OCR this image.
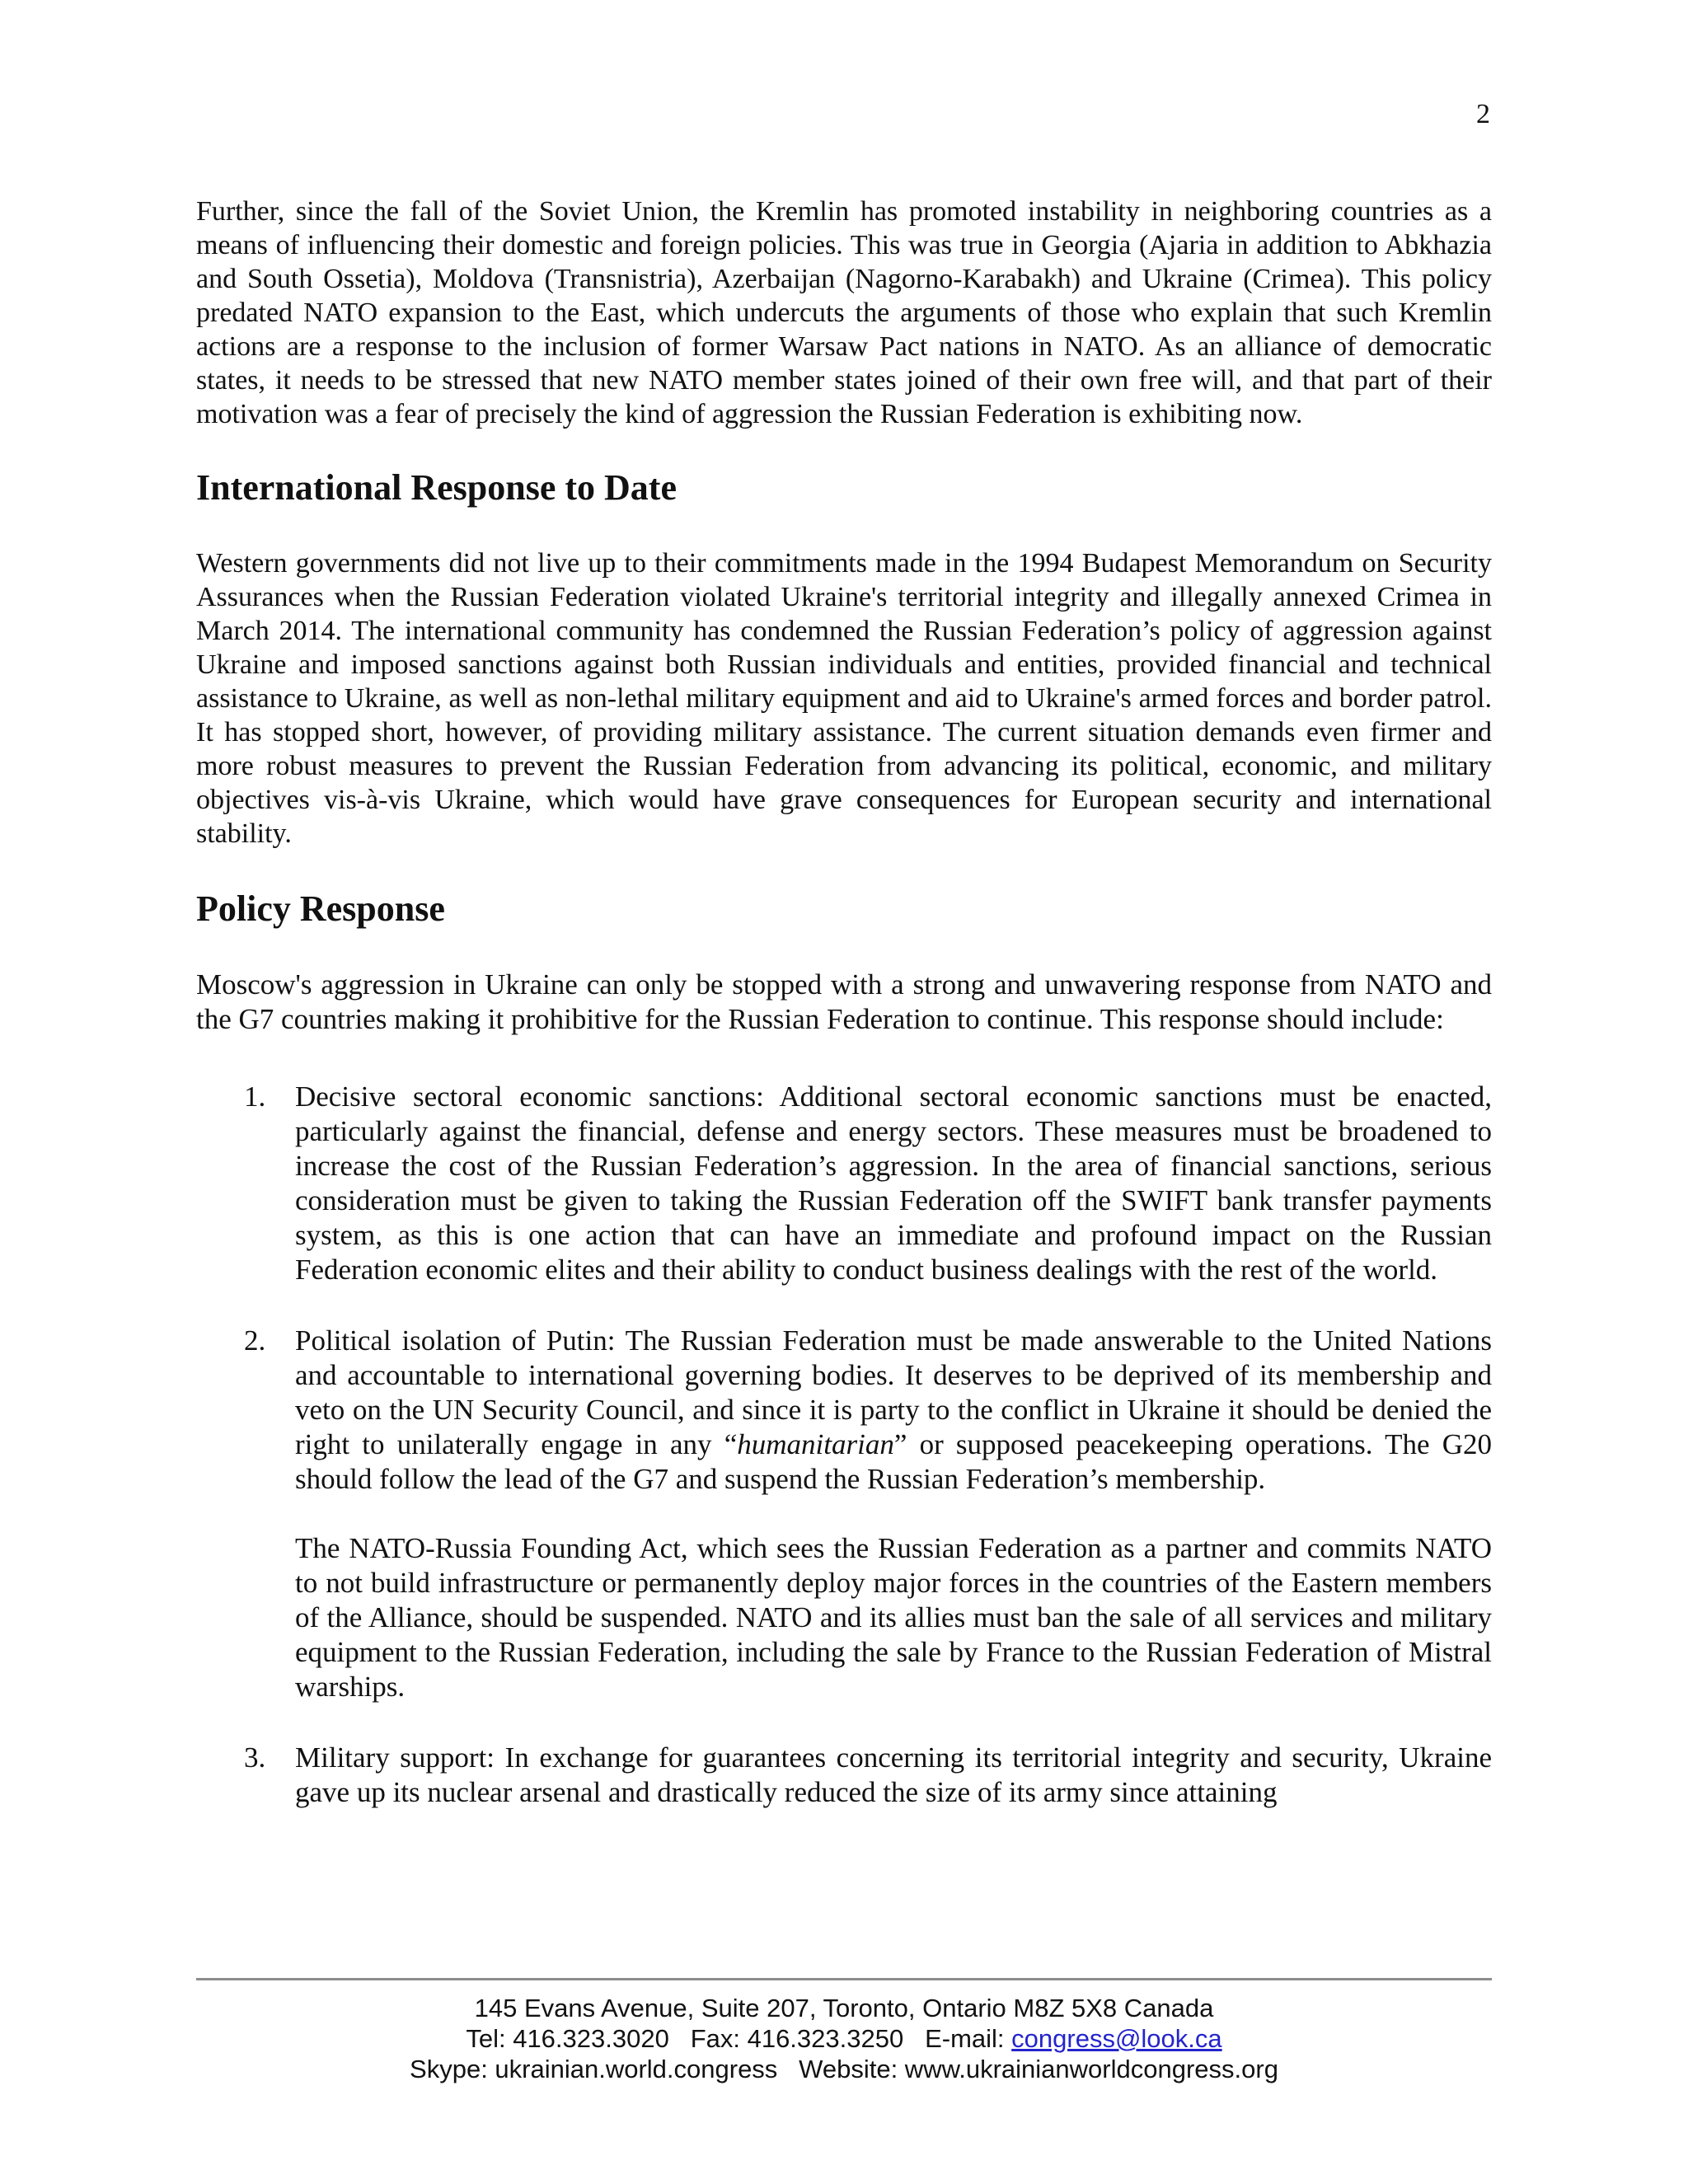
2

Further, since the fall of the Soviet Union, the Kremlin has promoted instability in neighboring countries as a means of influencing their domestic and foreign policies. This was true in Georgia (Ajaria in addition to Abkhazia and South Ossetia), Moldova (Transnistria), Azerbaijan (Nagorno-Karabakh) and Ukraine (Crimea). This policy predated NATO expansion to the East, which undercuts the arguments of those who explain that such Kremlin actions are a response to the inclusion of former Warsaw Pact nations in NATO. As an alliance of democratic states, it needs to be stressed that new NATO member states joined of their own free will, and that part of their motivation was a fear of precisely the kind of aggression the Russian Federation is exhibiting now.

International Response to Date

Western governments did not live up to their commitments made in the 1994 Budapest Memorandum on Security Assurances when the Russian Federation violated Ukraine's territorial integrity and illegally annexed Crimea in March 2014. The international community has condemned the Russian Federation’s policy of aggression against Ukraine and imposed sanctions against both Russian individuals and entities, provided financial and technical assistance to Ukraine, as well as non-lethal military equipment and aid to Ukraine's armed forces and border patrol. It has stopped short, however, of providing military assistance. The current situation demands even firmer and more robust measures to prevent the Russian Federation from advancing its political, economic, and military objectives vis-à-vis Ukraine, which would have grave consequences for European security and international stability.

Policy Response

Moscow's aggression in Ukraine can only be stopped with a strong and unwavering response from NATO and the G7 countries making it prohibitive for the Russian Federation to continue. This response should include:

1. Decisive sectoral economic sanctions: Additional sectoral economic sanctions must be enacted, particularly against the financial, defense and energy sectors. These measures must be broadened to increase the cost of the Russian Federation’s aggression. In the area of financial sanctions, serious consideration must be given to taking the Russian Federation off the SWIFT bank transfer payments system, as this is one action that can have an immediate and profound impact on the Russian Federation economic elites and their ability to conduct business dealings with the rest of the world.

2. Political isolation of Putin: The Russian Federation must be made answerable to the United Nations and accountable to international governing bodies. It deserves to be deprived of its membership and veto on the UN Security Council, and since it is party to the conflict in Ukraine it should be denied the right to unilaterally engage in any “humanitarian” or supposed peacekeeping operations. The G20 should follow the lead of the G7 and suspend the Russian Federation’s membership.

The NATO-Russia Founding Act, which sees the Russian Federation as a partner and commits NATO to not build infrastructure or permanently deploy major forces in the countries of the Eastern members of the Alliance, should be suspended. NATO and its allies must ban the sale of all services and military equipment to the Russian Federation, including the sale by France to the Russian Federation of Mistral warships.

3. Military support: In exchange for guarantees concerning its territorial integrity and security, Ukraine gave up its nuclear arsenal and drastically reduced the size of its army since attaining

145 Evans Avenue, Suite 207, Toronto, Ontario M8Z 5X8 Canada
Tel: 416.323.3020 Fax: 416.323.3250 E-mail: congress@look.ca
Skype: ukrainian.world.congress Website: www.ukrainianworldcongress.org
